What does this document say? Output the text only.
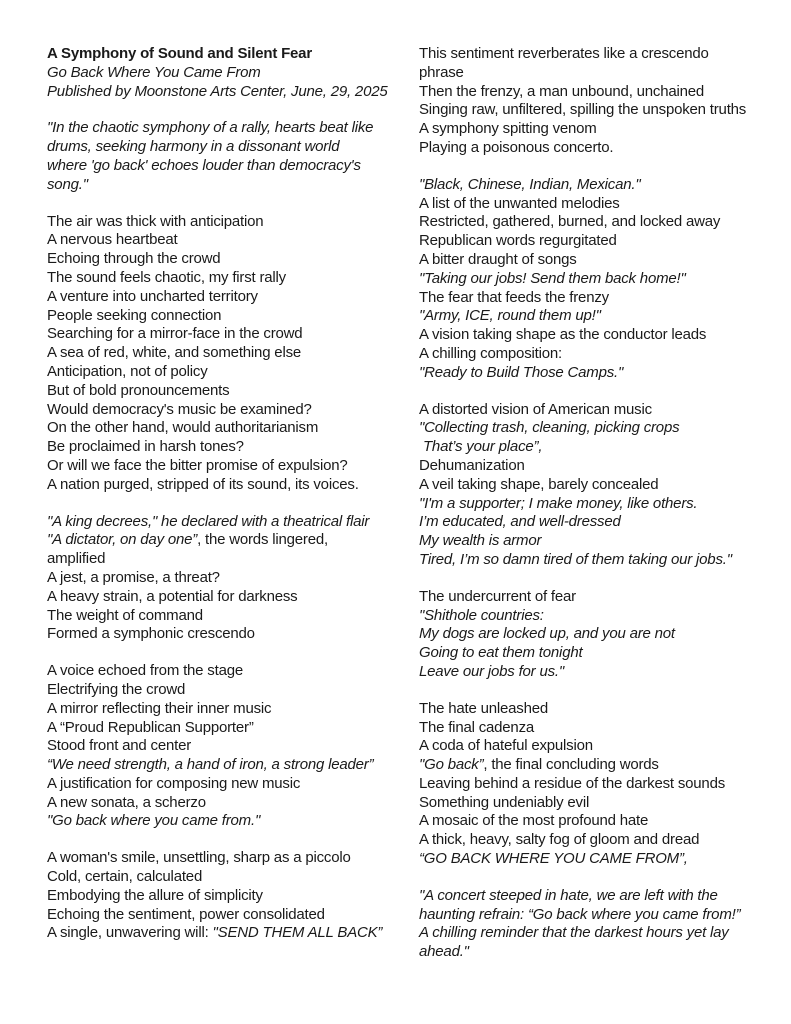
A Symphony of Sound and Silent Fear
Go Back Where You Came From
Published by Moonstone Arts Center, June, 29, 2025
"In the chaotic symphony of a rally, hearts beat like
drums, seeking harmony in a dissonant world
where 'go back' echoes louder than democracy's
song."
The air was thick with anticipation
A nervous heartbeat
Echoing through the crowd
The sound feels chaotic, my first rally
A venture into uncharted territory
People seeking connection
Searching for a mirror-face in the crowd
A sea of red, white, and something else
Anticipation, not of policy
But of bold pronouncements
Would democracy's music be examined?
On the other hand, would authoritarianism
Be proclaimed in harsh tones?
Or will we face the bitter promise of expulsion?
A nation purged, stripped of its sound, its voices.
"A king decrees," he declared with a theatrical flair
"A dictator, on day one”, the words lingered,
amplified
A jest, a promise, a threat?
A heavy strain, a potential for darkness
The weight of command
Formed a symphonic crescendo
A voice echoed from the stage
Electrifying the crowd
A mirror reflecting their inner music
A “Proud Republican Supporter”
Stood front and center
“We need strength, a hand of iron, a strong leader”
A justification for composing new music
A new sonata, a scherzo
"Go back where you came from."
A woman's smile, unsettling, sharp as a piccolo
Cold, certain, calculated
Embodying the allure of simplicity
Echoing the sentiment, power consolidated
A single, unwavering will: "SEND THEM ALL BACK”
This sentiment reverberates like a crescendo
phrase
Then the frenzy, a man unbound, unchained
Singing raw, unfiltered, spilling the unspoken truths
A symphony spitting venom
Playing a poisonous concerto.
"Black, Chinese, Indian, Mexican."
A list of the unwanted melodies
Restricted, gathered, burned, and locked away
Republican words regurgitated
A bitter draught of songs
"Taking our jobs! Send them back home!"
The fear that feeds the frenzy
"Army, ICE, round them up!"
A vision taking shape as the conductor leads
A chilling composition:
"Ready to Build Those Camps."
A distorted vision of American music
"Collecting trash, cleaning, picking crops
That’s your place”,
Dehumanization
A veil taking shape, barely concealed
"I'm a supporter; I make money, like others.
I’m educated, and well-dressed
My wealth is armor
Tired, I’m so damn tired of them taking our jobs."
The undercurrent of fear
"Shithole countries:
My dogs are locked up, and you are not
Going to eat them tonight
Leave our jobs for us."
The hate unleashed
The final cadenza
A coda of hateful expulsion
"Go back”, the final concluding words
Leaving behind a residue of the darkest sounds
Something undeniably evil
A mosaic of the most profound hate
A thick, heavy, salty fog of gloom and dread
“GO BACK WHERE YOU CAME FROM”,
"A concert steeped in hate, we are left with the
haunting refrain: “Go back where you came from!”
A chilling reminder that the darkest hours yet lay
ahead."
